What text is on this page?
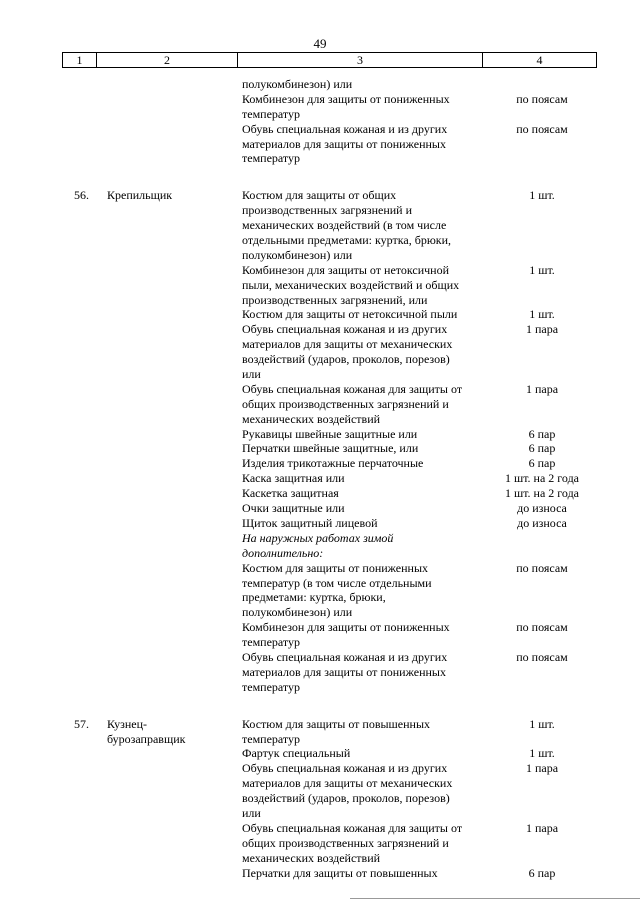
49
1	2	3	4
полукомбинезон) или
Комбинезон для защиты от пониженных	по поясам
температур
Обувь специальная кожаная и из других	по поясам
материалов для защиты от пониженных
температур
56. Крепильщик	Костюм для защиты от общих	1 шт.
производственных загрязнений и
механических воздействий (в том числе
отдельными предметами: куртка, брюки,
полукомбинезон) или
Комбинезон для защиты от нетоксичной	1 шт.
пыли, механических воздействий и общих
производственных загрязнений, или
Костюм для защиты от нетоксичной пыли	1 шт.
Обувь специальная кожаная и из других	1 пара
материалов для защиты от механических
воздействий (ударов, проколов, порезов)
или
Обувь специальная кожаная для защиты от	1 пара
общих производственных загрязнений и
механических воздействий
Рукавицы швейные защитные или	6 пар
Перчатки швейные защитные, или	6 пар
Изделия трикотажные перчаточные	6 пар
Каска защитная или	1 шт. на 2 года
Каскетка защитная	1 шт. на 2 года
Очки защитные или	до износа
Щиток защитный лицевой	до износа
На наружных работах зимой
дополнительно:
Костюм для защиты от пониженных	по поясам
температур (в том числе отдельными
предметами: куртка, брюки,
полукомбинезон) или
Комбинезон для защиты от пониженных	по поясам
температур
Обувь специальная кожаная и из других	по поясам
материалов для защиты от пониженных
температур
57. Кузнец-	Костюм для защиты от повышенных	1 шт.
бурозаправщик	температур
Фартук специальный	1 шт.
Обувь специальная кожаная и из других	1 пара
материалов для защиты от механических
воздействий (ударов, проколов, порезов)
или
Обувь специальная кожаная для защиты от	1 пара
общих производственных загрязнений и
механических воздействий
Перчатки для защиты от повышенных	6 пар
